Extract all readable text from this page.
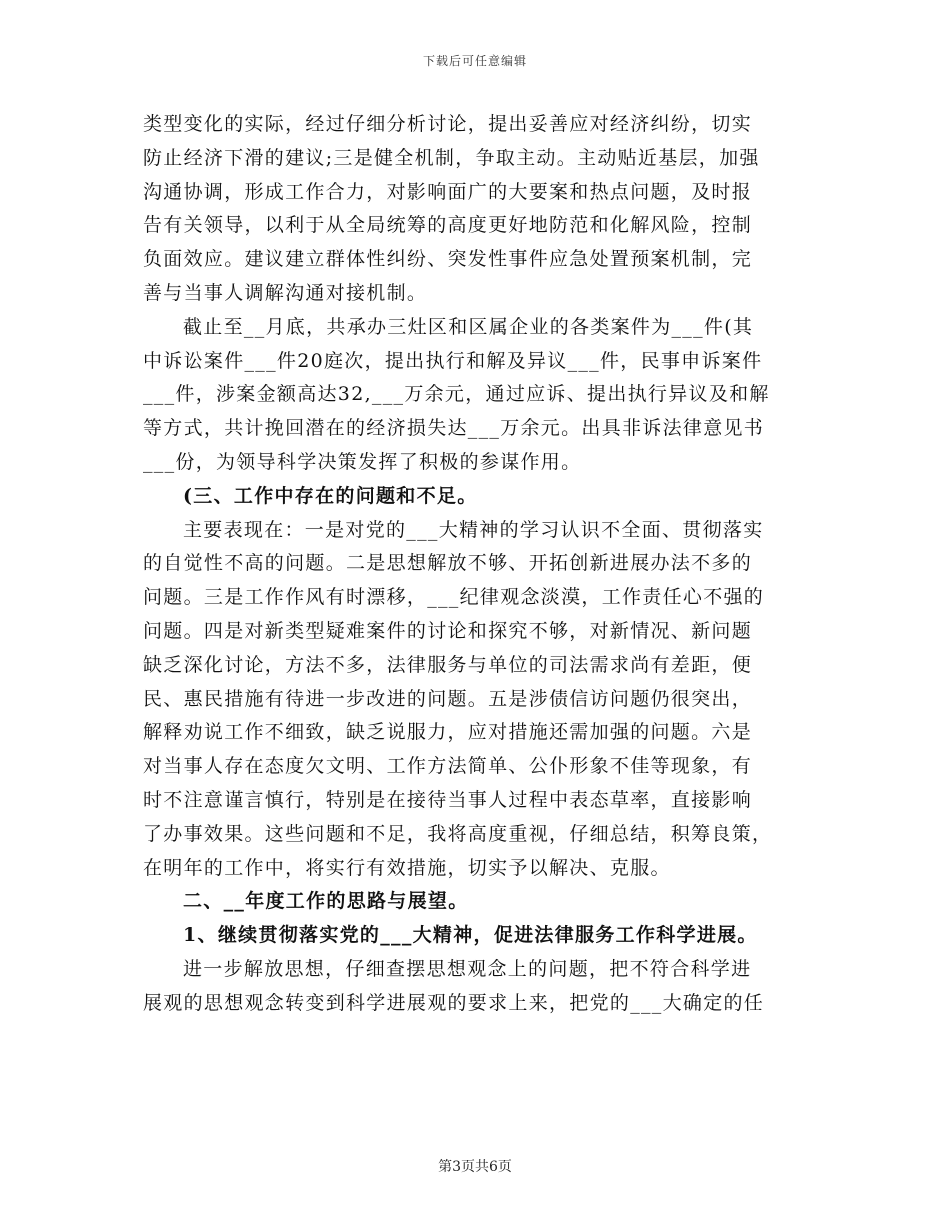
下载后可任意编辑
类型变化的实际，经过仔细分析讨论，提出妥善应对经济纠纷，切实
防止经济下滑的建议;三是健全机制，争取主动。主动贴近基层，加强
沟通协调，形成工作合力，对影响面广的大要案和热点问题，及时报
告有关领导，以利于从全局统筹的高度更好地防范和化解风险，控制
负面效应。建议建立群体性纠纷、突发性事件应急处置预案机制，完
善与当事人调解沟通对接机制。
截止至__月底，共承办三灶区和区属企业的各类案件为___件(其
中诉讼案件___件20庭次，提出执行和解及异议___件，民事申诉案件
___件，涉案金额高达32,___万余元，通过应诉、提出执行异议及和解
等方式，共计挽回潜在的经济损失达___万余元。出具非诉法律意见书
___份，为领导科学决策发挥了积极的参谋作用。
(三、工作中存在的问题和不足。
主要表现在：一是对党的___大精神的学习认识不全面、贯彻落实
的自觉性不高的问题。二是思想解放不够、开拓创新进展办法不多的
问题。三是工作作风有时漂移，___纪律观念淡漠，工作责任心不强的
问题。四是对新类型疑难案件的讨论和探究不够，对新情况、新问题
缺乏深化讨论，方法不多，法律服务与单位的司法需求尚有差距，便
民、惠民措施有待进一步改进的问题。五是涉债信访问题仍很突出，
解释劝说工作不细致，缺乏说服力，应对措施还需加强的问题。六是
对当事人存在态度欠文明、工作方法简单、公仆形象不佳等现象，有
时不注意谨言慎行，特别是在接待当事人过程中表态草率，直接影响
了办事效果。这些问题和不足，我将高度重视，仔细总结，积筹良策，
在明年的工作中，将实行有效措施，切实予以解决、克服。
二、__年度工作的思路与展望。
1、继续贯彻落实党的___大精神，促进法律服务工作科学进展。
进一步解放思想，仔细查摆思想观念上的问题，把不符合科学进
展观的思想观念转变到科学进展观的要求上来，把党的___大确定的任
第3页共6页
